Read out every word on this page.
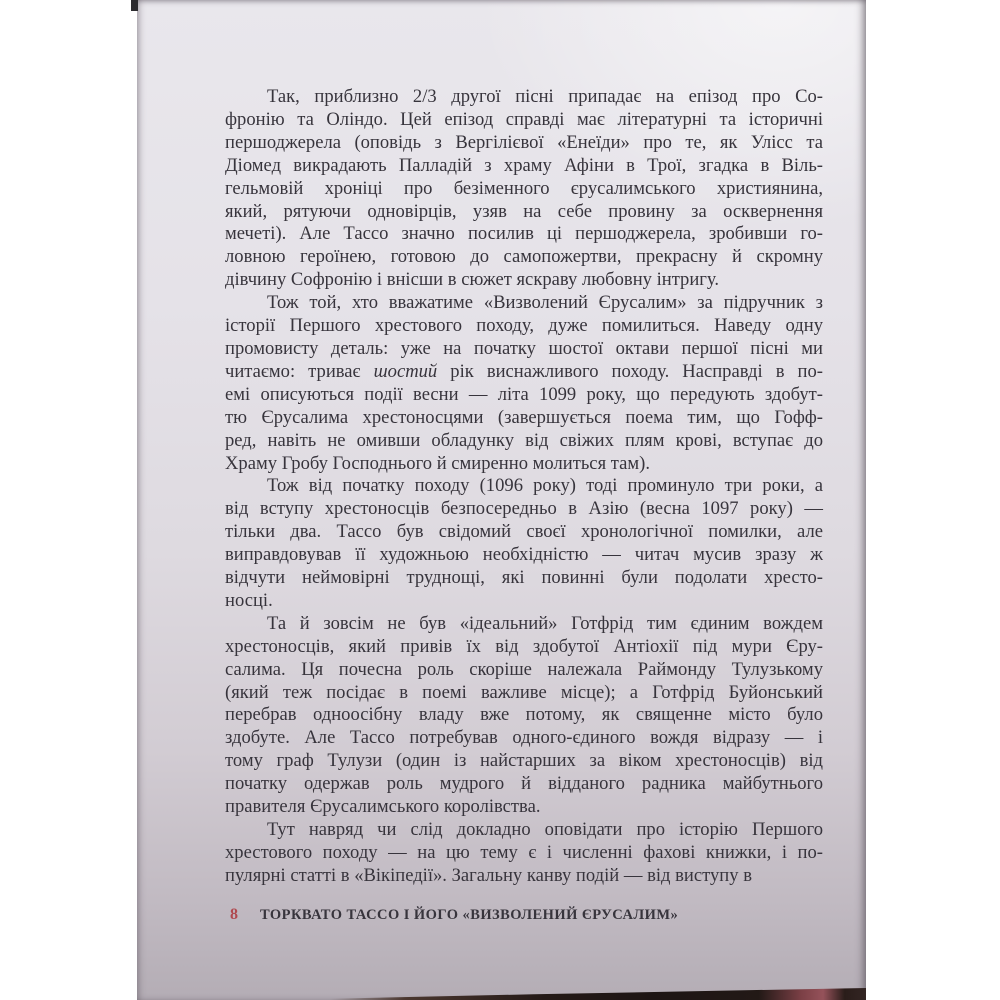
Так, приблизно 2/3 другої пісні припадає на епізод про Со-
фронію та Оліндо. Цей епізод справді має літературні та історичні
першоджерела (оповідь з Вергілієвої «Енеїди» про те, як Улісс та
Діомед викрадають Палладій з храму Афіни в Трої, згадка в Віль-
гельмовій хроніці про безіменного єрусалимського християнина,
який, рятуючи одновірців, узяв на себе провину за осквернення
мечеті). Але Тассо значно посилив ці першоджерела, зробивши го-
ловною героїнею, готовою до самопожертви, прекрасну й скромну
дівчину Софронію і внісши в сюжет яскраву любовну інтригу.

Тож той, хто вважатиме «Визволений Єрусалим» за підручник з
історії Першого хрестового походу, дуже помилиться. Наведу одну
промовисту деталь: уже на початку шостої октави першої пісні ми
читаємо: триває шостий рік виснажливого походу. Насправді в по-
емі описуються події весни — літа 1099 року, що передують здобут-
тю Єрусалима хрестоносцями (завершується поема тим, що Гофф-
ред, навіть не омивши обладунку від свіжих плям крові, вступає до
Храму Гробу Господнього й смиренно молиться там).

Тож від початку походу (1096 року) тоді проминуло три роки, а
від вступу хрестоносців безпосередньо в Азію (весна 1097 року) —
тільки два. Тассо був свідомий своєї хронологічної помилки, але
виправдовував її художньою необхідністю — читач мусив зразу ж
відчути неймовірні труднощі, які повинні були подолати хресто-
носці.

Та й зовсім не був «ідеальний» Готфрід тим єдиним вождем
хрестоносців, який привів їх від здобутої Антіохії під мури Єру-
салима. Ця почесна роль скоріше належала Раймонду Тулузькому
(який теж посідає в поемі важливе місце); а Готфрід Буйонський
перебрав одноосібну владу вже потому, як священне місто було
здобуте. Але Тассо потребував одного-єдиного вождя відразу — і
тому граф Тулузи (один із найстарших за віком хрестоносців) від
початку одержав роль мудрого й відданого радника майбутнього
правителя Єрусалимського королівства.

Тут навряд чи слід докладно оповідати про історію Першого
хрестового походу — на цю тему є і численні фахові книжки, і по-
пулярні статті в «Вікіпедії». Загальну канву подій — від виступу в

8 ТОРКВАТО ТАССО І ЙОГО «ВИЗВОЛЕНИЙ ЄРУСАЛИМ»
